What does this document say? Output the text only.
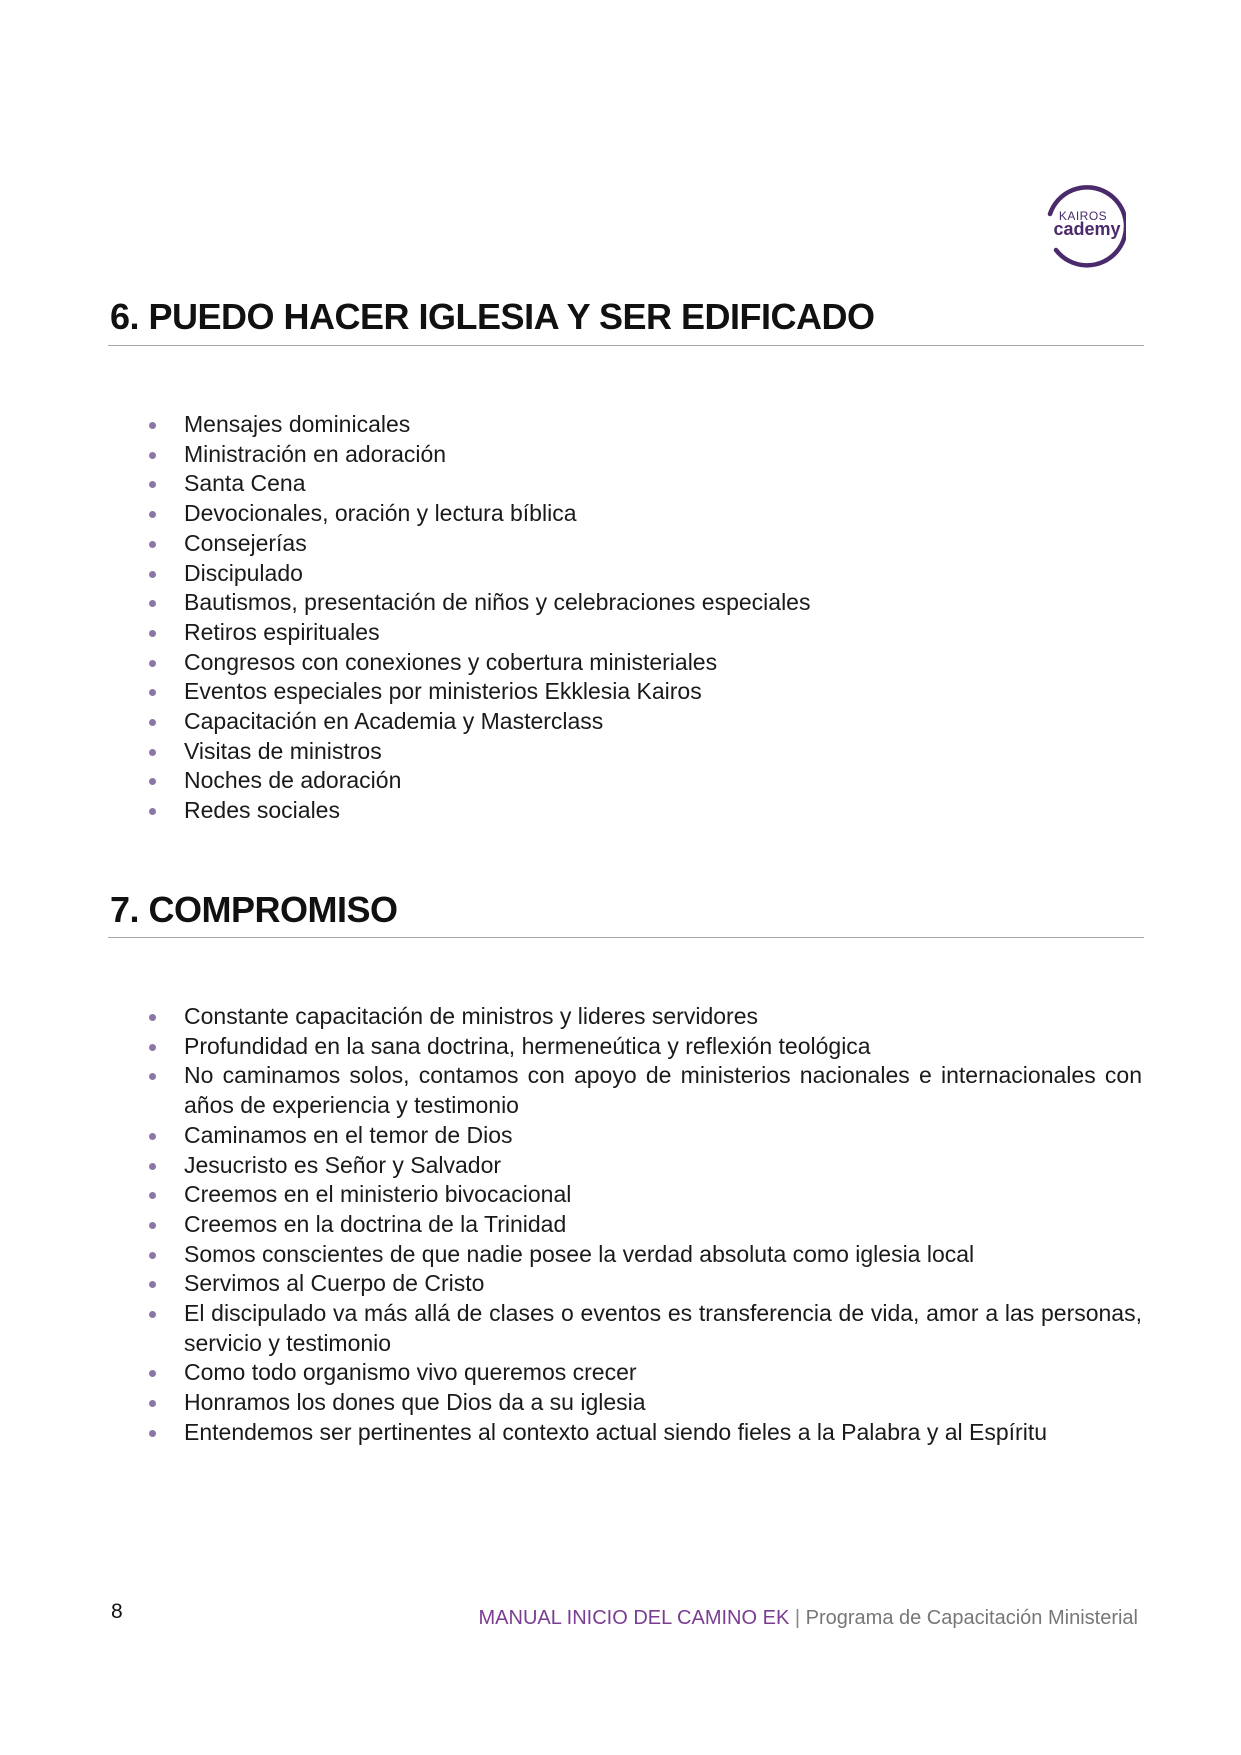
KAIROS
cademy
6. PUEDO HACER IGLESIA Y SER EDIFICADO
Mensajes dominicales
Ministración en adoración
Santa Cena
Devocionales, oración y lectura bíblica
Consejerías
Discipulado
Bautismos, presentación de niños y celebraciones especiales
Retiros espirituales
Congresos con conexiones y cobertura ministeriales
Eventos especiales por ministerios Ekklesia Kairos
Capacitación en Academia y Masterclass
Visitas de ministros
Noches de adoración
Redes sociales
7. COMPROMISO
Constante capacitación de ministros y lideres servidores
Profundidad en la sana doctrina, hermeneútica y reflexión teológica
No caminamos solos, contamos con apoyo de ministerios nacionales e internacionales con años de experiencia y testimonio
Caminamos en el temor de Dios
Jesucristo es Señor y Salvador
Creemos en el ministerio bivocacional
Creemos en la doctrina de la Trinidad
Somos conscientes de que nadie posee la verdad absoluta como iglesia local
Servimos al Cuerpo de Cristo
El discipulado va más allá de clases o eventos es transferencia de vida, amor a las personas, servicio y testimonio
Como todo organismo vivo queremos crecer
Honramos los dones que Dios da a su iglesia
Entendemos ser pertinentes al contexto actual siendo fieles a la Palabra y al Espíritu
8	MANUAL INICIO DEL CAMINO EK | Programa de Capacitación Ministerial
